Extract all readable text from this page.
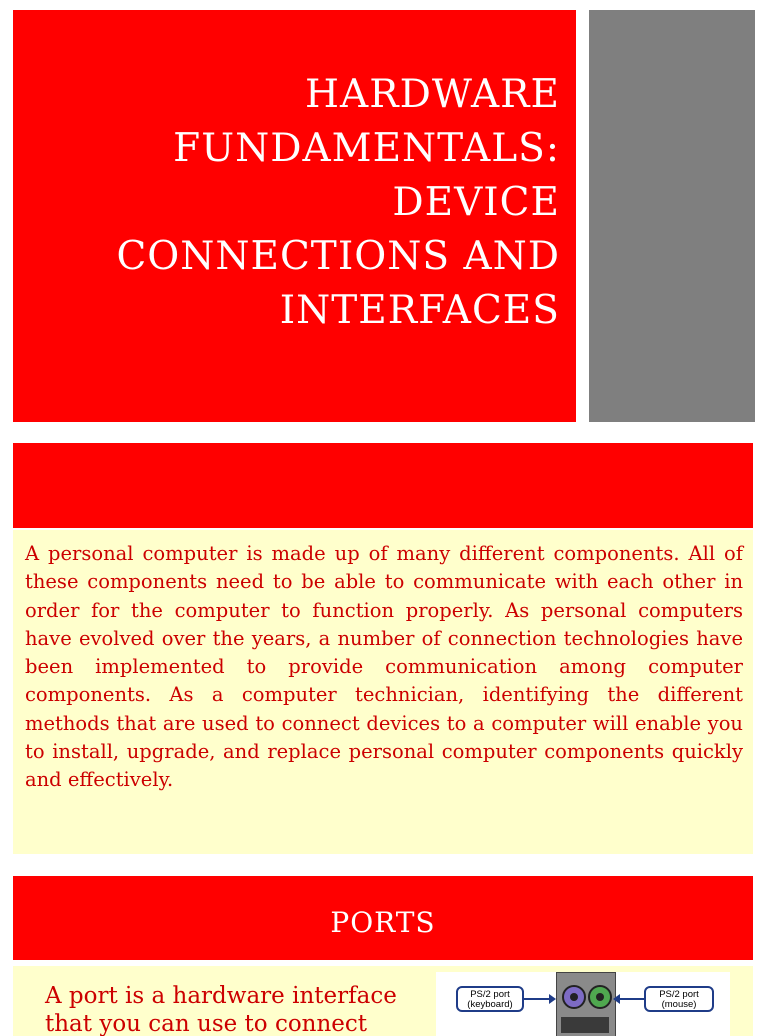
HARDWARE
FUNDAMENTALS:
DEVICE
CONNECTIONS AND
INTERFACES
A personal computer is made up of many different components. All of these components need to be able to communicate with each other in order for the computer to function properly. As personal computers have evolved over the years, a number of connection technologies have been implemented to provide communication among computer components. As a computer technician, identifying the different methods that are used to connect devices to a computer will enable you to install, upgrade, and replace personal computer components quickly and effectively.
PORTS
A port is a hardware interface that you can use to connect
PS/2 port
(keyboard)
PS/2 port
(mouse)
